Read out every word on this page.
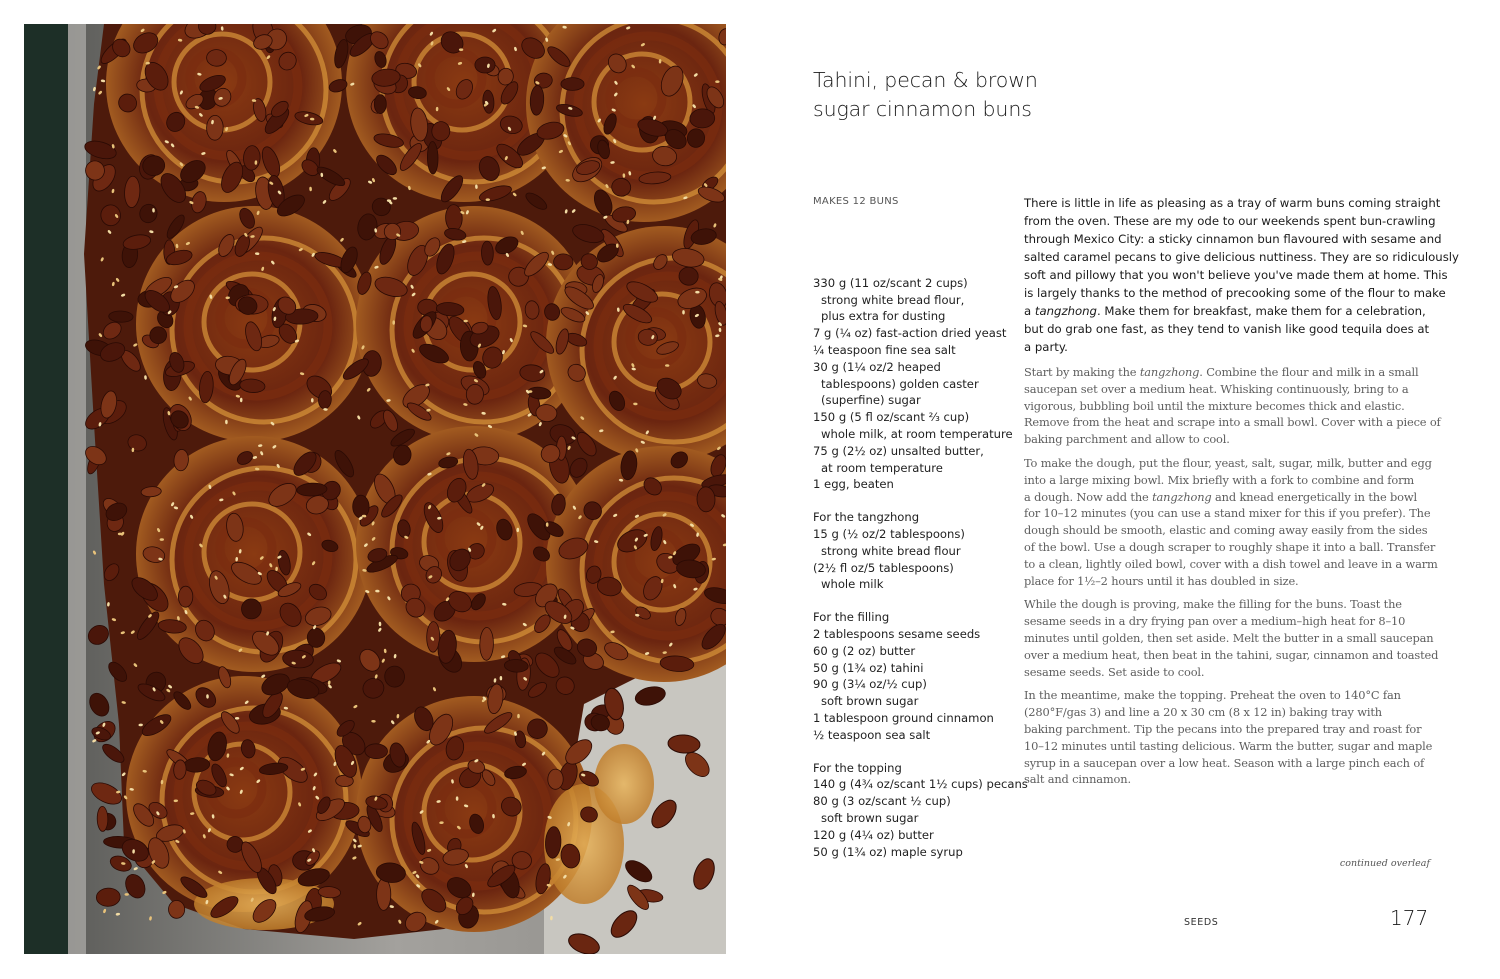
Tahini, pecan & brown
sugar cinnamon buns
MAKES 12 BUNS
330 g (11 oz/scant 2 cups)
strong white bread flour,
plus extra for dusting
7 g (¼ oz) fast-action dried yeast
¼ teaspoon fine sea salt
30 g (1¼ oz/2 heaped
tablespoons) golden caster
(superfine) sugar
150 g (5 fl oz/scant ⅔ cup)
whole milk, at room temperature
75 g (2½ oz) unsalted butter,
at room temperature
1 egg, beaten
For the tangzhong
15 g (½ oz/2 tablespoons)
strong white bread flour
(2½ fl oz/5 tablespoons)
whole milk
For the filling
2 tablespoons sesame seeds
60 g (2 oz) butter
50 g (1¾ oz) tahini
90 g (3¼ oz/½ cup)
soft brown sugar
1 tablespoon ground cinnamon
½ teaspoon sea salt
For the topping
140 g (4¾ oz/scant 1½ cups) pecans
80 g (3 oz/scant ½ cup)
soft brown sugar
120 g (4¼ oz) butter
50 g (1¾ oz) maple syrup

There is little in life as pleasing as a tray of warm buns coming straight
from the oven. These are my ode to our weekends spent bun-crawling
through Mexico City: a sticky cinnamon bun flavoured with sesame and
salted caramel pecans to give delicious nuttiness. They are so ridiculously
soft and pillowy that you won't believe you've made them at home. This
is largely thanks to the method of precooking some of the flour to make
a tangzhong. Make them for breakfast, make them for a celebration,
but do grab one fast, as they tend to vanish like good tequila does at
a party.

Start by making the tangzhong. Combine the flour and milk in a small
saucepan set over a medium heat. Whisking continuously, bring to a
vigorous, bubbling boil until the mixture becomes thick and elastic.
Remove from the heat and scrape into a small bowl. Cover with a piece of
baking parchment and allow to cool.

To make the dough, put the flour, yeast, salt, sugar, milk, butter and egg
into a large mixing bowl. Mix briefly with a fork to combine and form
a dough. Now add the tangzhong and knead energetically in the bowl
for 10–12 minutes (you can use a stand mixer for this if you prefer). The
dough should be smooth, elastic and coming away easily from the sides
of the bowl. Use a dough scraper to roughly shape it into a ball. Transfer
to a clean, lightly oiled bowl, cover with a dish towel and leave in a warm
place for 1½–2 hours until it has doubled in size.

While the dough is proving, make the filling for the buns. Toast the
sesame seeds in a dry frying pan over a medium–high heat for 8–10
minutes until golden, then set aside. Melt the butter in a small saucepan
over a medium heat, then beat in the tahini, sugar, cinnamon and toasted
sesame seeds. Set aside to cool.

In the meantime, make the topping. Preheat the oven to 140°C fan
(280°F/gas 3) and line a 20 x 30 cm (8 x 12 in) baking tray with
baking parchment. Tip the pecans into the prepared tray and roast for
10–12 minutes until tasting delicious. Warm the butter, sugar and maple
syrup in a saucepan over a low heat. Season with a large pinch each of
salt and cinnamon.

continued overleaf
SEEDS	177
